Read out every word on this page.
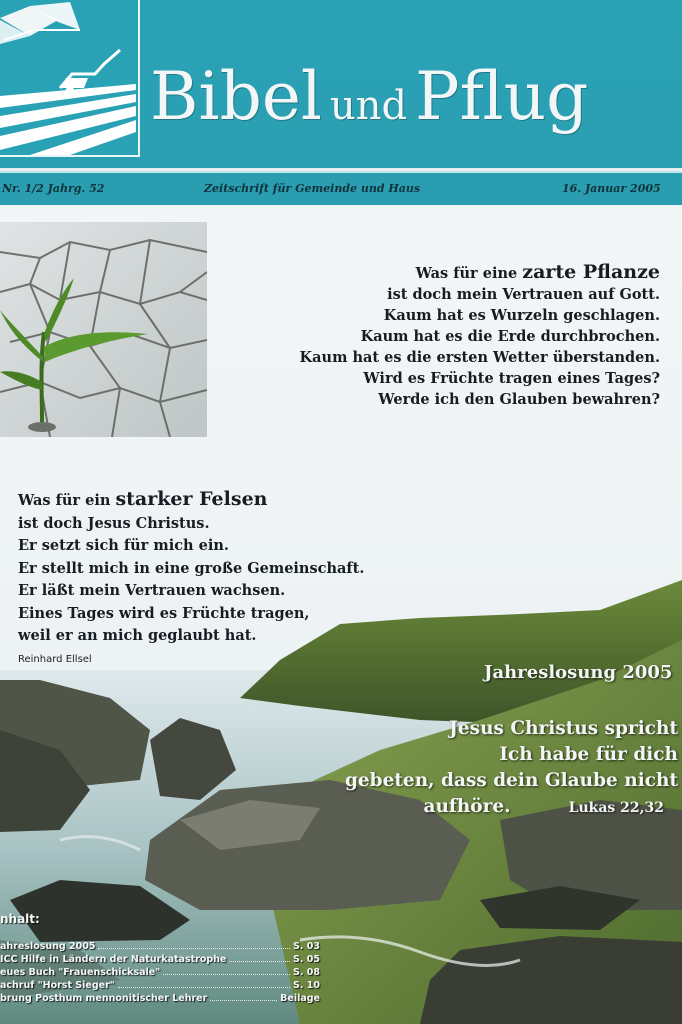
Bibel und Pflug
Nr. 1/2 Jahrg. 52	Zeitschrift für Gemeinde und Haus	16. Januar 2005
Was für eine zarte Pflanze
ist doch mein Vertrauen auf Gott.
Kaum hat es Wurzeln geschlagen.
Kaum hat es die Erde durchbrochen.
Kaum hat es die ersten Wetter überstanden.
Wird es Früchte tragen eines Tages?
Werde ich den Glauben bewahren?
Was für ein starker Felsen
ist doch Jesus Christus.
Er setzt sich für mich ein.
Er stellt mich in eine große Gemeinschaft.
Er läßt mein Vertrauen wachsen.
Eines Tages wird es Früchte tragen,
weil er an mich geglaubt hat.
Reinhard Ellsel
Jahreslosung 2005
Jesus Christus spricht
Ich habe für dich
gebeten, dass dein Glaube nicht
aufhöre.	Lukas 22,32
nhalt:
ahreslosung 2005	S. 03
ICC Hilfe in Ländern der Naturkatastrophe	S. 05
eues Buch "Frauenschicksale"	S. 08
achruf "Horst Sieger"	S. 10
brung Posthum mennonitischer Lehrer	Beilage
